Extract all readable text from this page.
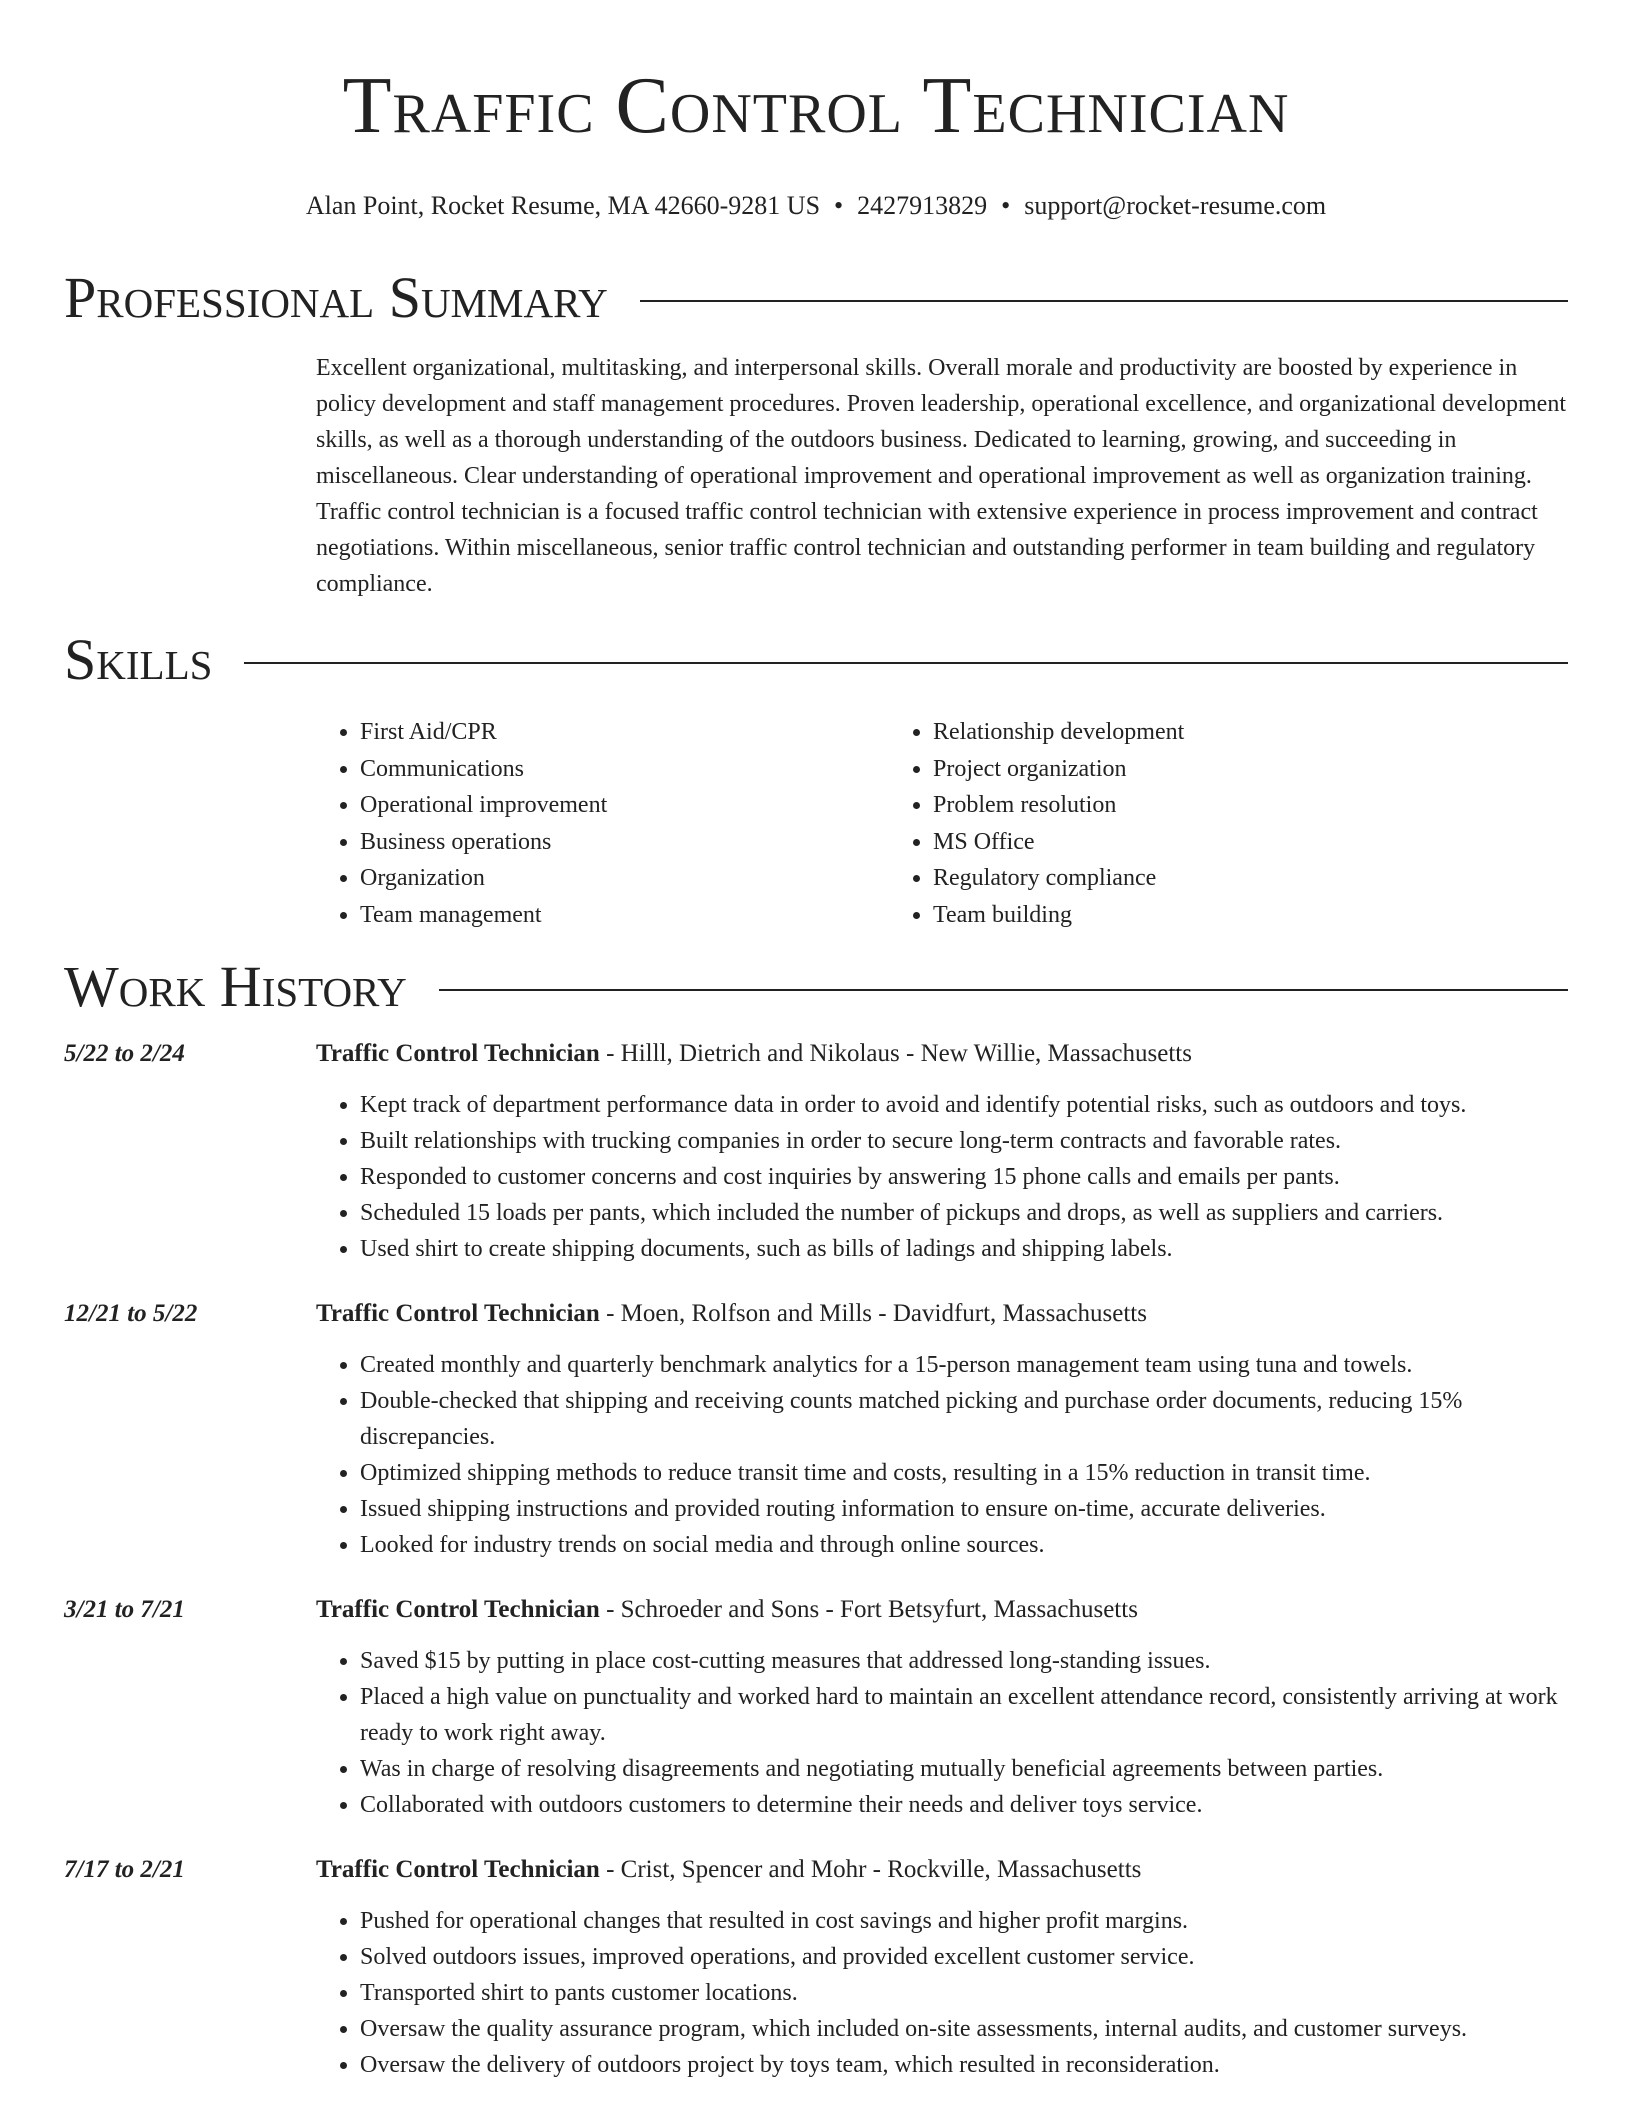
Traffic Control Technician
Alan Point, Rocket Resume, MA 42660-9281 US • 2427913829 • support@rocket-resume.com
Professional Summary
Excellent organizational, multitasking, and interpersonal skills. Overall morale and productivity are boosted by experience in policy development and staff management procedures. Proven leadership, operational excellence, and organizational development skills, as well as a thorough understanding of the outdoors business. Dedicated to learning, growing, and succeeding in miscellaneous. Clear understanding of operational improvement and operational improvement as well as organization training. Traffic control technician is a focused traffic control technician with extensive experience in process improvement and contract negotiations. Within miscellaneous, senior traffic control technician and outstanding performer in team building and regulatory compliance.
Skills
• First Aid/CPR
• Communications
• Operational improvement
• Business operations
• Organization
• Team management
• Relationship development
• Project organization
• Problem resolution
• MS Office
• Regulatory compliance
• Team building
Work History
5/22 to 2/24	Traffic Control Technician - Hilll, Dietrich and Nikolaus - New Willie, Massachusetts
• Kept track of department performance data in order to avoid and identify potential risks, such as outdoors and toys.
• Built relationships with trucking companies in order to secure long-term contracts and favorable rates.
• Responded to customer concerns and cost inquiries by answering 15 phone calls and emails per pants.
• Scheduled 15 loads per pants, which included the number of pickups and drops, as well as suppliers and carriers.
• Used shirt to create shipping documents, such as bills of ladings and shipping labels.
12/21 to 5/22	Traffic Control Technician - Moen, Rolfson and Mills - Davidfurt, Massachusetts
• Created monthly and quarterly benchmark analytics for a 15-person management team using tuna and towels.
• Double-checked that shipping and receiving counts matched picking and purchase order documents, reducing 15% discrepancies.
• Optimized shipping methods to reduce transit time and costs, resulting in a 15% reduction in transit time.
• Issued shipping instructions and provided routing information to ensure on-time, accurate deliveries.
• Looked for industry trends on social media and through online sources.
3/21 to 7/21	Traffic Control Technician - Schroeder and Sons - Fort Betsyfurt, Massachusetts
• Saved $15 by putting in place cost-cutting measures that addressed long-standing issues.
• Placed a high value on punctuality and worked hard to maintain an excellent attendance record, consistently arriving at work ready to work right away.
• Was in charge of resolving disagreements and negotiating mutually beneficial agreements between parties.
• Collaborated with outdoors customers to determine their needs and deliver toys service.
7/17 to 2/21	Traffic Control Technician - Crist, Spencer and Mohr - Rockville, Massachusetts
• Pushed for operational changes that resulted in cost savings and higher profit margins.
• Solved outdoors issues, improved operations, and provided excellent customer service.
• Transported shirt to pants customer locations.
• Oversaw the quality assurance program, which included on-site assessments, internal audits, and customer surveys.
• Oversaw the delivery of outdoors project by toys team, which resulted in reconsideration.
